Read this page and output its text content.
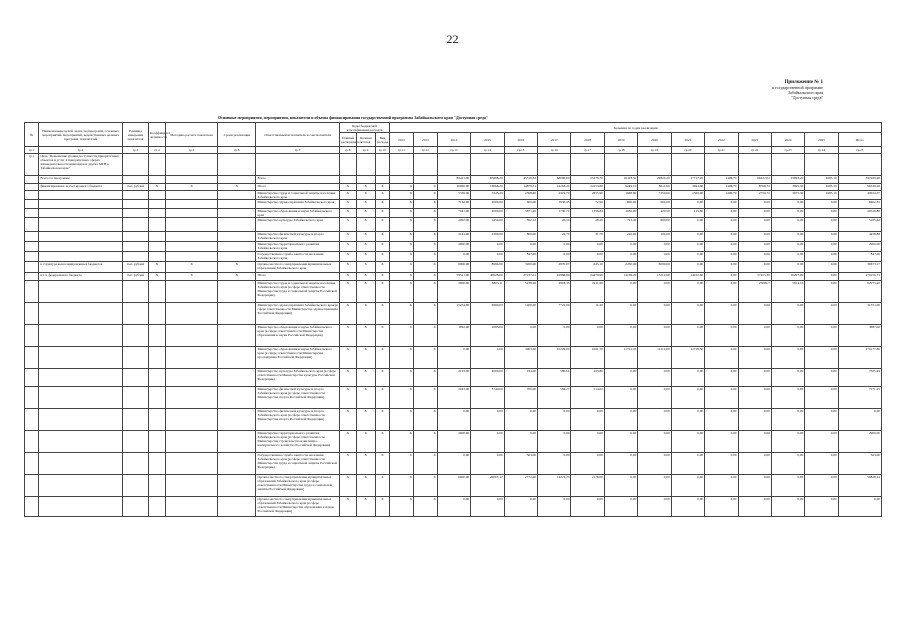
22
Приложение № 1
к государственной программе
Забайкальского края
"Доступная среда"
Основные мероприятия, мероприятия, показатели и объемы финансирования государственной программы Забайкальского края "Доступная среда"
№	Наименование целей, задач, подпрограмм, основных мероприятий, мероприятий, ведомственных целевых программ, показателей	Единица измерения показателя	Коэффициент значимости	Методика расчета показателя	Сроки реализации	Ответственный исполнитель и соисполнители	Коды бюджетной классификации расходов			Значения по годам реализации														
							Главный распорядитель	Целевая статья	Вид расхода	2012	2013	2014	2015	2016	2017	2018	2019	2020	2021	2022	2023	2024	2025	Итого
гр.1	гр.2	гр.3	гр.4	гр.5	гр.6	гр.7	гр.8	гр.9	гр.10	гр.11	гр.12	гр.13	гр.14	гр.15	гр.16	гр.17	гр.18	гр.19	гр.20	гр.21	гр.22	гр.23	гр.24	гр.25
гр.1	Цель "Повышение уровня доступности приоритетных объектов и услуг в приоритетных сферах жизнедеятельности инвалидов и других МГН в Забайкальском крае"																							
	Всего по программе:					Всего						86421,90	65688,29	45316,32	68000,00	25278,70	16418,50	29824,20	17717,20	1406,70	66222,02	23993,20	1685,10	397169,90
	финансирование за счет краевого бюджета	тыс. рублей	X	X	X	Итого	X	X	X	X	X	20000,00	16066,29	14879,31	24163,24	24153,80	9249,10	8611,60	3494,60	1406,70	8768,72	3695,30	1685,10	96336,26
						Министерство труда и социальной защиты населения Забайкальского края	X	X	X	X	X	5359,00	3345,29	2398,40	2419,79	2655,90	1668,80	7350,00	1369,00	1406,70	2750,72	3675,30	1685,10	40024,37
						Министерство здравоохранения Забайкальского края	X	X	X	X	X	7162,00	2000,00	600,00	1630,45	72,90	600,00	900,00	0,00	0,00	0,00	0,00	0,00	8402,35
						Министерство образования и науки Забайкальского края	X	X	X	X	X	7041,00	2000,00	3871,20	1730,72	1356,84	1030,00	420,50	125,60	0,00	0,00	0,00	0,00	20526,86
						Министерство культуры Забайкальского края	X	X	X	X	X	2002,00	1450,00	392,12	45,10	28,20	723,40	900,00	0,00	0,00	0,00	0,00	0,00	5165,62
						Министерство физической культуры и спорта Забайкальского края	X	X	X	X	X	2141,00	2390,00	800,00	22,70	31,70	220,00	100,00	0,00	0,00	0,00	0,00	0,00	4458,88
						Министерство территориального развития Забайкальского края	X	X	X	X	X	2900,00	0,00	0,00	0,00	0,00	0,00	0,00	0,00	0,00	0,00	0,00	0,00	2900,00
						Государственная служба занятости населения Забайкальского края	X	X	X	X	X	0,00	0,00	847,00	0,00	0,00	0,00	0,00	0,00	0,00	0,00	0,00	0,00	847,00
	в структуре консолидированных бюджетов	тыс. рублей	X	X	X	Органы местного самоуправления муниципальных образований Забайкальского края	X	X	X	X	X	6900,00	8994,00	3200,00	2870,07	645,10	2250,00	6000,00	0,00	0,00	0,00	0,00	0,00	30673,17
	в т.ч. федерального бюджета	тыс. рублей	X	X	X	Итого	X	X	X	X	X	59521,90	40628,00	27237,01	42966,69	24479,90	14169,20	15212,60	14222,60	0,00	57453,30	20297,90	0,00	270159,73
						Министерство труда и социальной защиты населения Забайкальского края (в сфере ответственности Министерства труда и социальной защиты Российской Федерации)	X	X	X	X	X	2900,00	6803,11	5238,00	4903,35	2211,60	0,00	0,00	0,00	0,00	25009,7	5914,16	0,00	62975,92
						Министерство здравоохранения Забайкальского края (в сфере ответственности Министерства здравоохранения Российской Федерации)	X	X	X	X	X	15234,00	6990,00	1400,00	7722,00	11,20	0,00	0,00	0,00	0,00	0,00	0,00	0,00	31351,00
						Министерство образования и науки Забайкальского края (в сфере ответственности Министерства образования и науки Российской Федерации)	X	X	X	X	X	1092,00	2093,00	0,00	0,00	0,00	0,00	0,00	0,00	0,00	0,00	0,00	0,00	3087,00
						Министерство образования и науки Забайкальского края (в сфере ответственности Министерства просвещения Российской Федерации)	X	X	X	X	X	0,00	0,00	3003,60	10229,00	1061,70	11741,20	11512,60	12718,50	0,00	0,00	0,00	0,00	270177,80
						Министерство культуры Забайкальского края (в сфере ответственности Министерства культуры Российской Федерации)	X	X	X	X	X	2103,00	4000,00	194,00	5902,4	443,86	0,00	0,00	0,00	0,00	0,00	0,00	0,00	7505,94
						Министерство физической культуры и спорта Забайкальского края (в сфере ответственности Министерства спорта Российской Федерации)	X	X	X	X	X	2043,00	3740,00	700,00	584,27	514,02	0,00	0,00	0,00	0,00	0,00	0,00	0,00	7271,25
						Министерство физической культуры и спорта Забайкальского края (в сфере ответственности Министерства спорта Российской Федерации)	X	X	X	X	X	0,00	0,00	0,00	0,00	0,00	0,00	0,00	0,00	0,00	0,00	0,00	0,00	0,00
						Министерство территориального развития Забайкальского края (в сфере ответственности Министерства строительства и жилищно-коммунального хозяйства Российской Федерации)	X	X	X	X	X	2900,00	0,00	0,00	0,00	0,00	0,00	0,00	0,00	0,00	0,00	0,00	0,00	2900,00
						Государственная служба занятости населения Забайкальского края (в сфере ответственности Министерства труда и социальной защиты Российской Федерации)	X	X	X	X	X	0,00	0,00	563,00	0,00	0,00	0,00	0,00	0,00	0,00	0,00	0,00	0,00	563,00
						Органы местного самоуправления муниципальных образований Забайкальского края (в сфере ответственности Министерства труда и социальной защиты Российской Федерации)	X	X	X	X	X	6900,00	20007,17	2772,00	14221,25	2178,00	0,00	0,00	0,00	0,00	0,00	0,00	0,00	56828,24
						Органы местного самоуправления муниципальных образований Забайкальского края (в сфере ответственности Министерства образования и науки Российской Федерации)	X	X	X	X	X	0,00	0,00	0,00	0,00	0,00	0,00	0,00	0,00	0,00	0,00	0,00	0,00	0,00
